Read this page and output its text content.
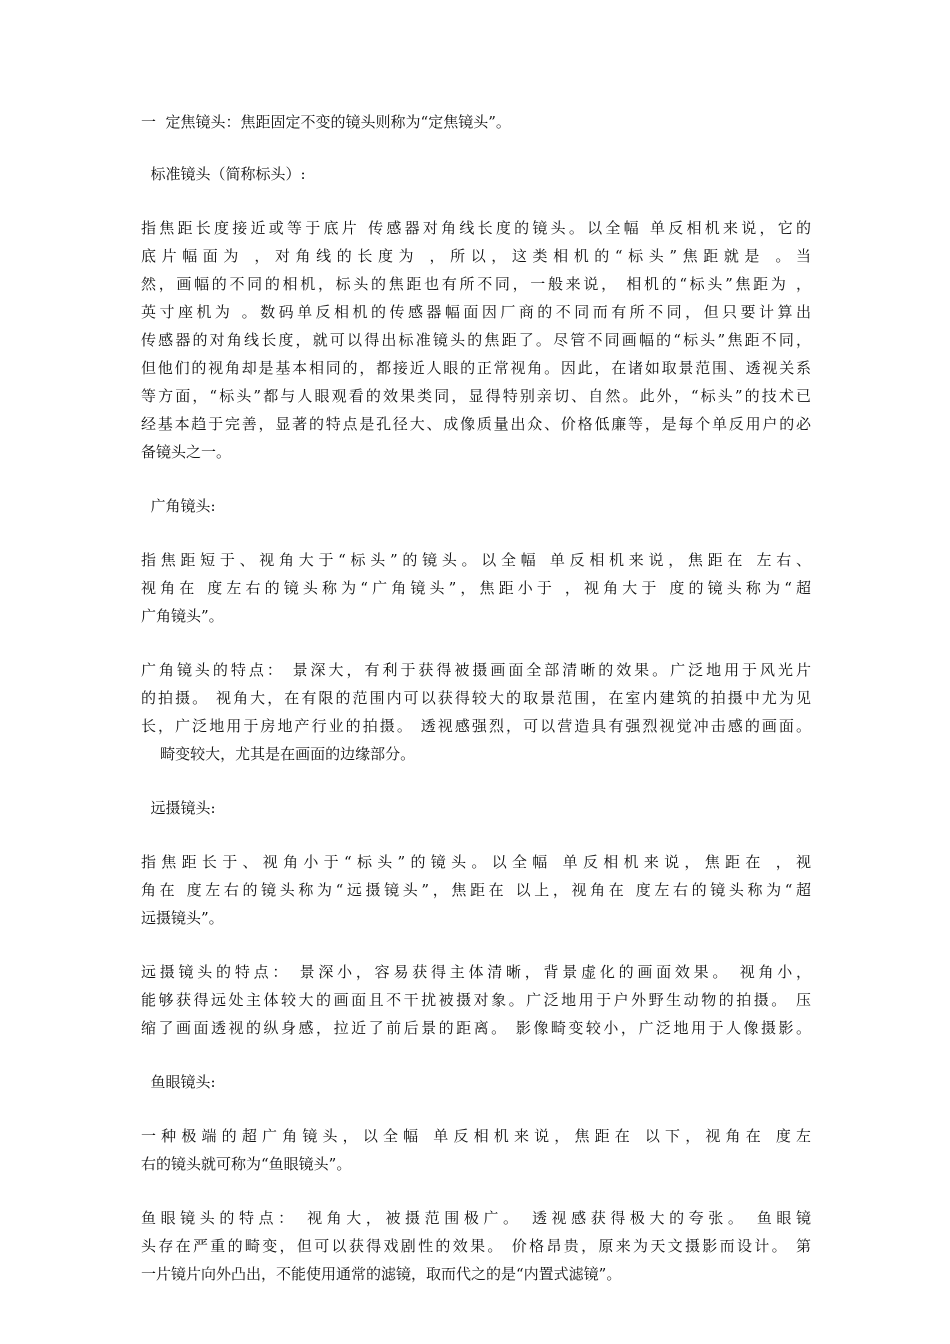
一  定焦镜头：焦距固定不变的镜头则称为“定焦镜头”。
标准镜头（简称标头）:
指焦距长度接近或等于底片 传感器对角线长度的镜头。以全幅 单反相机来说，它的
底片幅面为 ，对角线的长度为 ，所以，这类相机的“标头”焦距就是 。当
然，画幅的不同的相机，标头的焦距也有所不同，一般来说， 相机的“标头”焦距为 ，
英寸座机为 。数码单反相机的传感器幅面因厂商的不同而有所不同，但只要计算出
传感器的对角线长度，就可以得出标准镜头的焦距了。尽管不同画幅的“标头”焦距不同，
但他们的视角却是基本相同的，都接近人眼的正常视角。因此，在诸如取景范围、透视关系
等方面，“标头”都与人眼观看的效果类同，显得特别亲切、自然。此外，“标头”的技术已
经基本趋于完善，显著的特点是孔径大、成像质量出众、价格低廉等，是每个单反用户的必
备镜头之一。
广角镜头:
指焦距短于、视角大于“标头”的镜头。以全幅 单反相机来说，焦距在 左右、
视角在 度左右的镜头称为“广角镜头”，焦距小于 ，视角大于 度的镜头称为“超
广角镜头”。
广角镜头的特点： 景深大，有利于获得被摄画面全部清晰的效果。广泛地用于风光片
的拍摄。 视角大，在有限的范围内可以获得较大的取景范围，在室内建筑的拍摄中尤为见
长，广泛地用于房地产行业的拍摄。 透视感强烈，可以营造具有强烈视觉冲击感的画面。
畸变较大，尤其是在画面的边缘部分。
远摄镜头:
指焦距长于、视角小于“标头”的镜头。以全幅 单反相机来说，焦距在 ，视
角在 度左右的镜头称为“远摄镜头”，焦距在 以上，视角在 度左右的镜头称为“超
远摄镜头”。
远摄镜头的特点： 景深小，容易获得主体清晰，背景虚化的画面效果。 视角小，
能够获得远处主体较大的画面且不干扰被摄对象。广泛地用于户外野生动物的拍摄。 压
缩了画面透视的纵身感，拉近了前后景的距离。 影像畸变较小，广泛地用于人像摄影。
鱼眼镜头:
一种极端的超广角镜头，以全幅 单反相机来说，焦距在 以下，视角在 度左
右的镜头就可称为“鱼眼镜头”。
鱼眼镜头的特点： 视角大，被摄范围极广。 透视感获得极大的夸张。 鱼眼镜
头存在严重的畸变，但可以获得戏剧性的效果。 价格昂贵，原来为天文摄影而设计。 第
一片镜片向外凸出，不能使用通常的滤镜，取而代之的是“内置式滤镜”。
